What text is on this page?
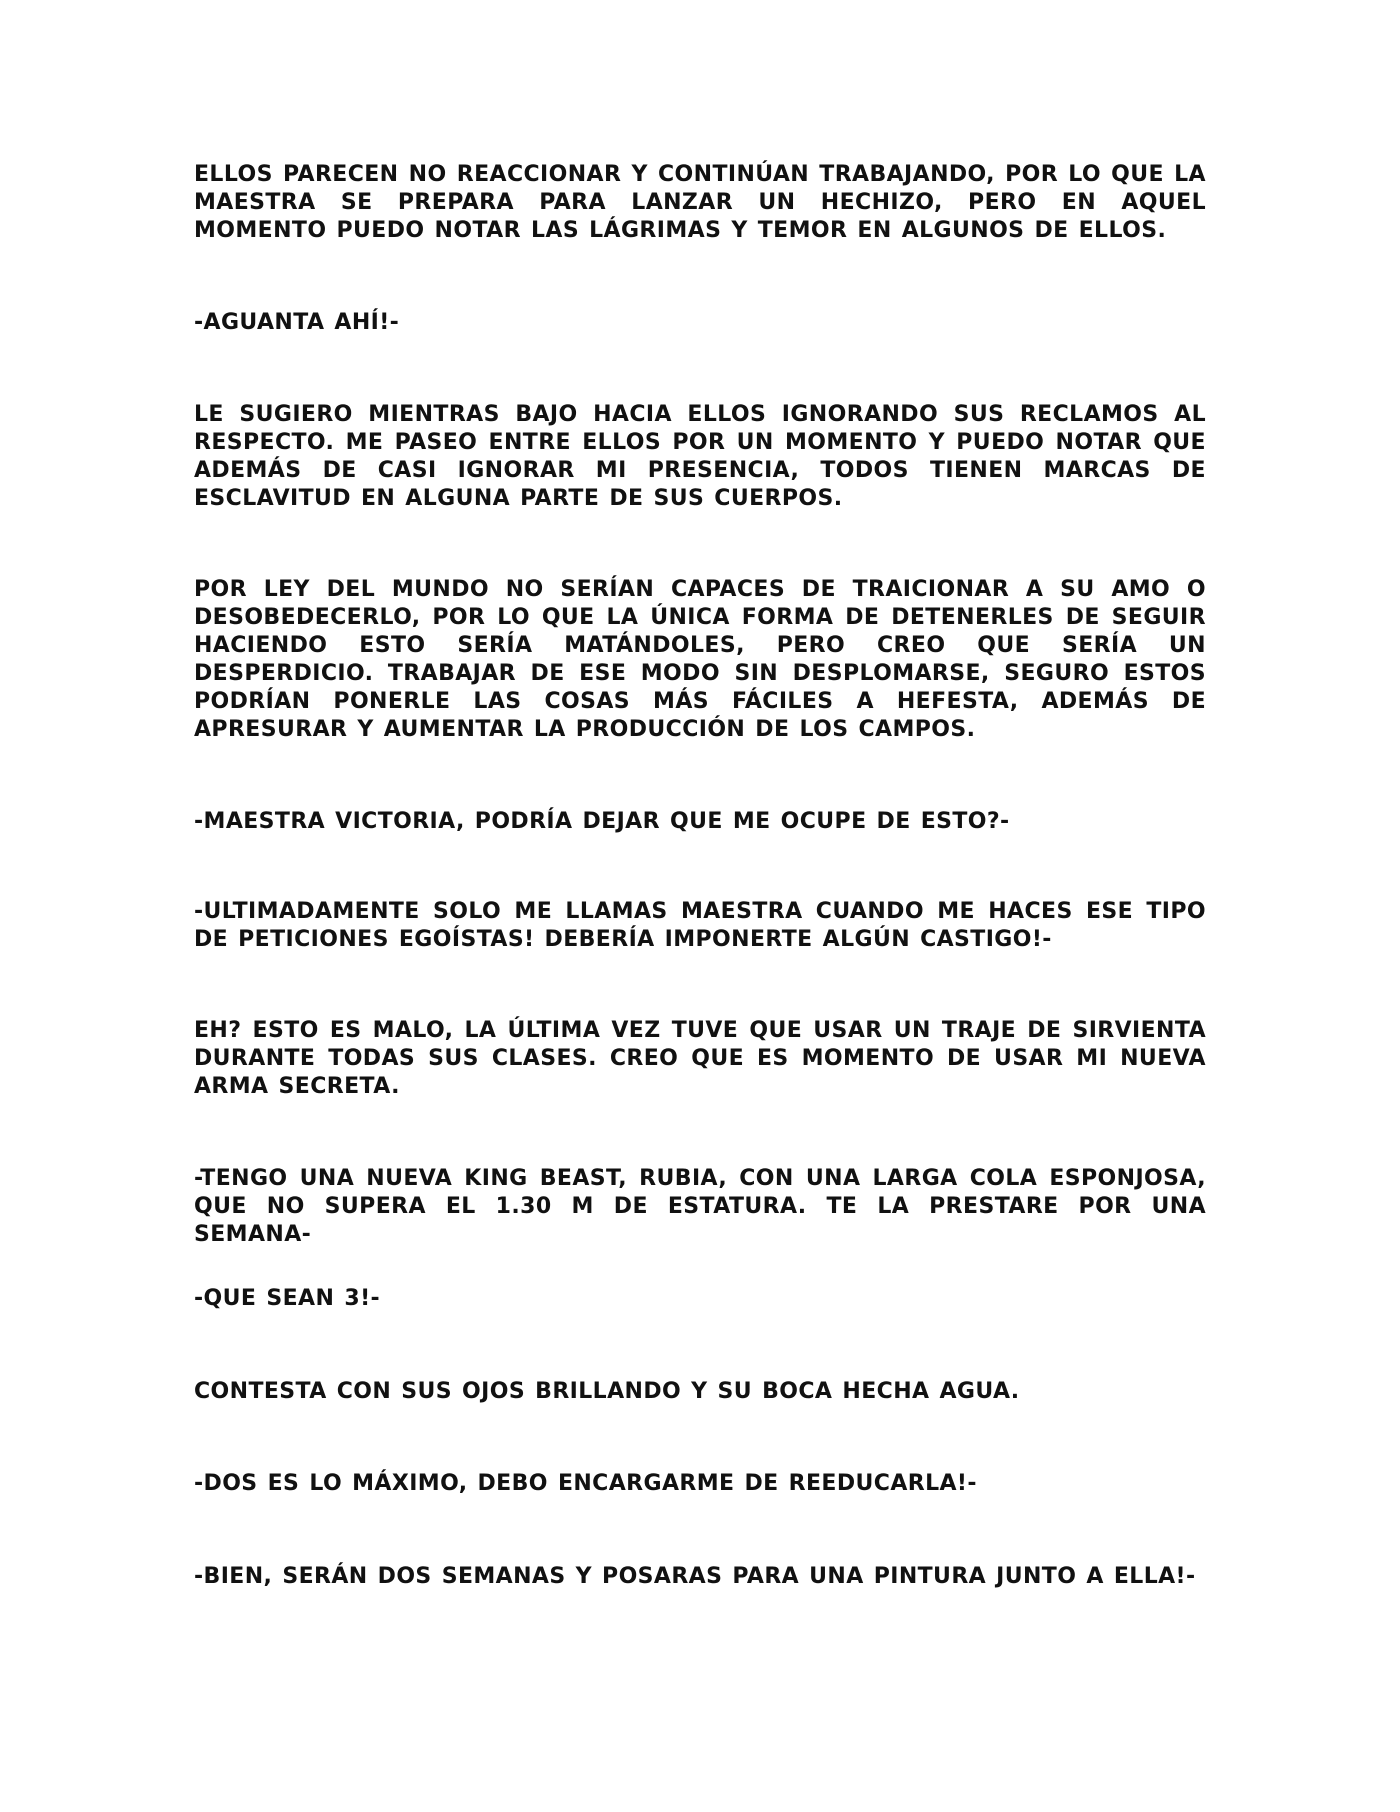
ELLOS PARECEN NO REACCIONAR Y CONTINÚAN TRABAJANDO, POR LO QUE LA MAESTRA SE PREPARA PARA LANZAR UN HECHIZO, PERO EN AQUEL MOMENTO PUEDO NOTAR LAS LÁGRIMAS Y TEMOR EN ALGUNOS DE ELLOS.

-AGUANTA AHÍ!-

LE SUGIERO MIENTRAS BAJO HACIA ELLOS IGNORANDO SUS RECLAMOS AL RESPECTO. ME PASEO ENTRE ELLOS POR UN MOMENTO Y PUEDO NOTAR QUE ADEMÁS DE CASI IGNORAR MI PRESENCIA, TODOS TIENEN MARCAS DE ESCLAVITUD EN ALGUNA PARTE DE SUS CUERPOS.

POR LEY DEL MUNDO NO SERÍAN CAPACES DE TRAICIONAR A SU AMO O DESOBEDECERLO, POR LO QUE LA ÚNICA FORMA DE DETENERLES DE SEGUIR HACIENDO ESTO SERÍA MATÁNDOLES, PERO CREO QUE SERÍA UN DESPERDICIO. TRABAJAR DE ESE MODO SIN DESPLOMARSE, SEGURO ESTOS PODRÍAN PONERLE LAS COSAS MÁS FÁCILES A HEFESTA, ADEMÁS DE APRESURAR Y AUMENTAR LA PRODUCCIÓN DE LOS CAMPOS.

-MAESTRA VICTORIA, PODRÍA DEJAR QUE ME OCUPE DE ESTO?-

-ULTIMADAMENTE SOLO ME LLAMAS MAESTRA CUANDO ME HACES ESE TIPO DE PETICIONES EGOÍSTAS! DEBERÍA IMPONERTE ALGÚN CASTIGO!-

EH? ESTO ES MALO, LA ÚLTIMA VEZ TUVE QUE USAR UN TRAJE DE SIRVIENTA DURANTE TODAS SUS CLASES. CREO QUE ES MOMENTO DE USAR MI NUEVA ARMA SECRETA.

-TENGO UNA NUEVA KING BEAST, RUBIA, CON UNA LARGA COLA ESPONJOSA, QUE NO SUPERA EL 1.30 M DE ESTATURA. TE LA PRESTARE POR UNA SEMANA-

-QUE SEAN 3!-

CONTESTA CON SUS OJOS BRILLANDO Y SU BOCA HECHA AGUA.

-DOS ES LO MÁXIMO, DEBO ENCARGARME DE REEDUCARLA!-

-BIEN, SERÁN DOS SEMANAS Y POSARAS PARA UNA PINTURA JUNTO A ELLA!-
